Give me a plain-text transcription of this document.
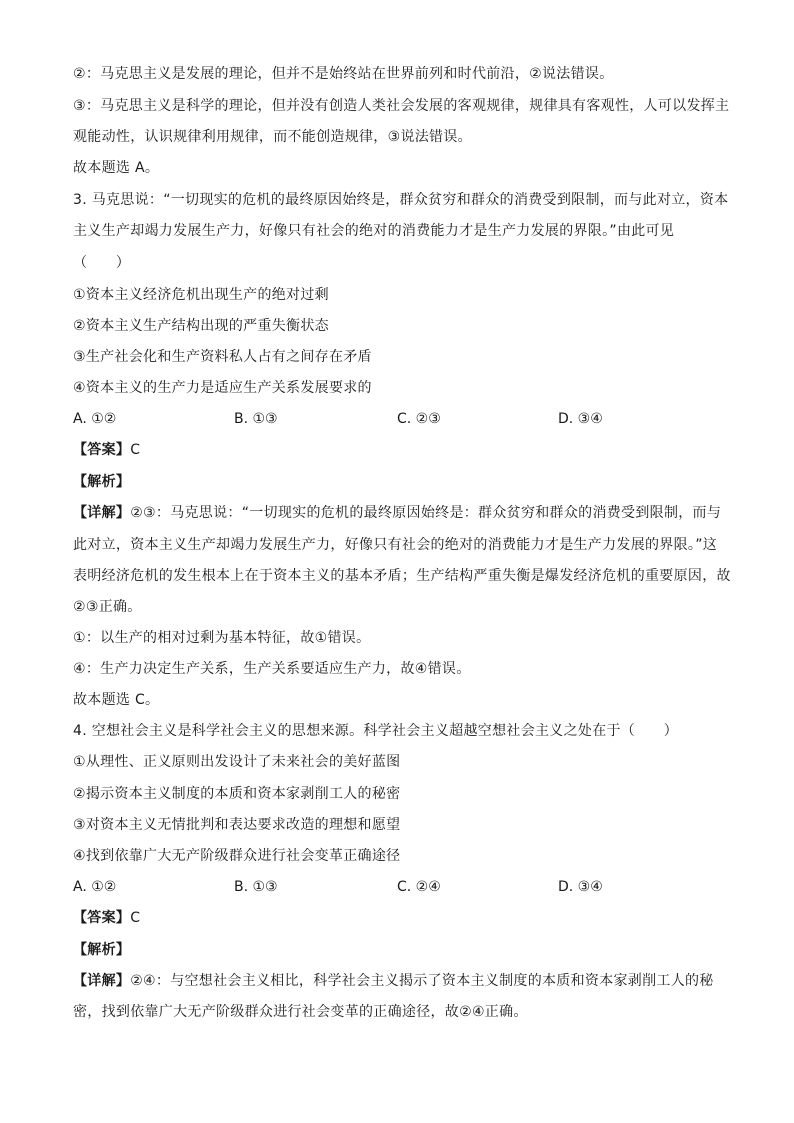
②：马克思主义是发展的理论，但并不是始终站在世界前列和时代前沿，②说法错误。
③：马克思主义是科学的理论，但并没有创造人类社会发展的客观规律，规律具有客观性，人可以发挥主
观能动性，认识规律利用规律，而不能创造规律，③说法错误。
故本题选 A。
3. 马克思说：“一切现实的危机的最终原因始终是，群众贫穷和群众的消费受到限制，而与此对立，资本
主义生产却竭力发展生产力，好像只有社会的绝对的消费能力才是生产力发展的界限。”由此可见
（　　）
①资本主义经济危机出现生产的绝对过剩
②资本主义生产结构出现的严重失衡状态
③生产社会化和生产资料私人占有之间存在矛盾
④资本主义的生产力是适应生产关系发展要求的
A. ①②	B. ①③	C. ②③	D. ③④
【答案】C
【解析】
【详解】②③：马克思说：“一切现实的危机的最终原因始终是：群众贫穷和群众的消费受到限制，而与
此对立，资本主义生产却竭力发展生产力，好像只有社会的绝对的消费能力才是生产力发展的界限。”这
表明经济危机的发生根本上在于资本主义的基本矛盾；生产结构严重失衡是爆发经济危机的重要原因，故
②③正确。
①：以生产的相对过剩为基本特征，故①错误。
④：生产力决定生产关系，生产关系要适应生产力，故④错误。
故本题选 C。
4. 空想社会主义是科学社会主义的思想来源。科学社会主义超越空想社会主义之处在于（　　）
①从理性、正义原则出发设计了未来社会的美好蓝图
②揭示资本主义制度的本质和资本家剥削工人的秘密
③对资本主义无情批判和表达要求改造的理想和愿望
④找到依靠广大无产阶级群众进行社会变革正确途径
A. ①②	B. ①③	C. ②④	D. ③④
【答案】C
【解析】
【详解】②④：与空想社会主义相比，科学社会主义揭示了资本主义制度的本质和资本家剥削工人的秘
密，找到依靠广大无产阶级群众进行社会变革的正确途径，故②④正确。
